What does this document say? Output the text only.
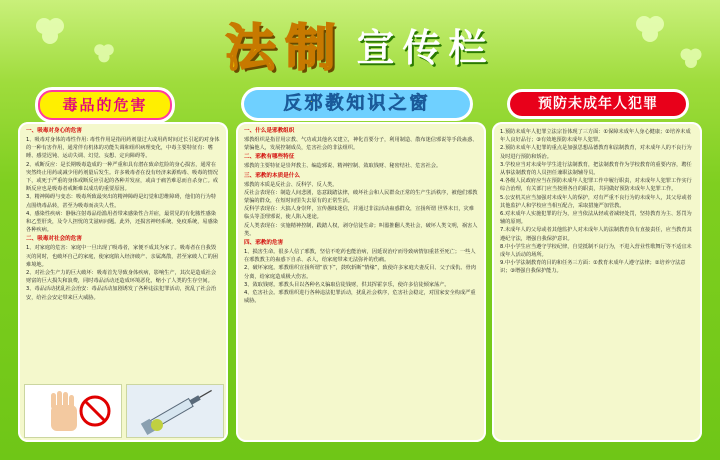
法制 宣传栏

一、吸毒对身心的危害

1、吸毒对身体的毒性作用: 毒性作用是指用药剂量过大或用药时间过长引起的对身体的一种有害作用，通常伴有机体的功能失调和组织病理变化，中毒主要特征有：嗜睡、感觉迟钝、运动失调、幻觉、妄想、定向障碍等。

2、戒断反应：是长期吸毒造成的一种严重和具有潜在致命危险的身心损害，通常在突然终止用药或减少用药剂量后发生。许多吸毒者在没有经济来源购毒、吸毒的情况下，或死于严重的身体戒断反应引起的各种并发症，或由于痛苦难忍而自杀身亡。戒断反应也是吸毒者戒断难以成功的重要原因。

3、精神障碍与变态：吸毒所致最突出的精神障碍是幻觉和思维障碍，他们的行为特点围绕毒品转，甚至为吸毒而丧失人性。

4、感染性疾病：静脉注射毒品给滥用者带来感染性合并症，最常见的有化脓性感染和乙型肝炎，及令人担忧的艾滋病问题。此外，还损害神经系统、免疫系统，易感染各种疾病。

二、吸毒对社会的危害

1、对家庭的危害：家庭中一旦出现了吸毒者，家便不成其为家了。吸毒者在自我毁灭的同时，也破坏自己的家庭，使家庭陷入经济破产、亲属离散，甚至家破人亡的困难境地。

2、对社会生产力的巨大破坏：吸毒首先导致身体疾病，影响生产，其次是造成社会财富的巨大损失和浪费，同时毒品活动还造成环境恶化，缩小了人类的生存空间。

3、毒品活动扰乱社会治安：毒品活动加剧诱发了各种违法犯罪活动，扰乱了社会治安，给社会安定带来巨大威胁。

一、什么是邪教组织

邪教组织是指冒用宗教、气功或其他名义建立，神化首要分子，利用制造、散布迷信邪说等手段蛊惑、蒙骗他人，发展控制成员，危害社会的非法组织。

二、邪教有哪些特征

邪教的主要特征是崇拜教主、编造邪说、精神控制、敛取钱财、秘密结社、危害社会。

三、邪教的本质是什么

邪教的本质是反社会、反科学、反人类。

反社会表现在：制造人间悲剧，恣意践踏法律，破坏社会和人民群众正常的生产生活秩序，被他们邪教蒙骗的群众，在短时间里失去原有的正常生活。

反科学表现在：大搞人身崇拜，宣传愚昧迷信，并通过非法活动蛊惑群众，宣扬所谓 世界末日，灾难临头等歪理邪说，使人陷入迷途。

反人类表现在：实施精神控制，践踏人权，剥夺信徒生命；叫嚣推翻人类社会，破坏人类文明，祸害人类。

四、邪教的危害

1、损害生命。很多人信了邪教，坚信不吃药也能治病，因延误治疗而导致病情加重甚至死亡；一些人在邪教教主的蛊惑下自杀、杀人，给家庭带来无法弥补的伤痛。

2、破坏家庭。邪教组织宣扬所谓“放下”，鼓吹斩断“情缘”，致使许多家庭夫妻反目、父子成仇、骨肉分离，给家庭造成极大伤害。

3、敛取钱财。邪教头目以各种名义骗取信徒钱财，供其挥霍享乐，使许多信徒倾家荡产。

4、危害社会。邪教组织进行各种违法犯罪活动，扰乱社会秩序，危害社会稳定，对国家安全构成严重威胁。

1.预防未成年人犯罪立法宗旨体现了三方面：①保障未成年人身心健康；②培养未成年人良好品行；③有效地预防未成年人犯罪。

2.预防未成年人犯罪的重点是加强思想品德教育和法制教育，对未成年人的不良行为及时进行预防和矫治。

3.学校应当对未成年学生进行法制教育，把法制教育作为学校教育的重要内容，聘任从事法制教育的人员担任兼职法制辅导员。

4.各级人民政府应当在预防未成年人犯罪工作中履行职责，对未成年人犯罪工作实行综合治理，有关部门应当按照各自的职责，共同做好预防未成年人犯罪工作。

5.公安机关应当加强对未成年人的保护，对有严重不良行为的未成年人，其父母或者其他监护人和学校应当相互配合，采取措施严加管教。

6.对未成年人实施犯罪的行为，应当依法从轻或者减轻处罚，坚持教育为主、惩罚为辅的原则。

7.未成年人的父母或者其他监护人对未成年人的法制教育负有直接责任，应当教育其遵纪守法，增强自我保护意识。

8.中小学生应当遵守学校纪律，自觉抵制不良行为，不进入营业性歌舞厅等不适宜未成年人活动的场所。

9.中小学法制教育的目的和任务三方面：①教育未成年人遵守法律；②培养守法意识；③增强自我保护能力。

毒品的危害	反邪教知识之窗	预防未成年人犯罪
